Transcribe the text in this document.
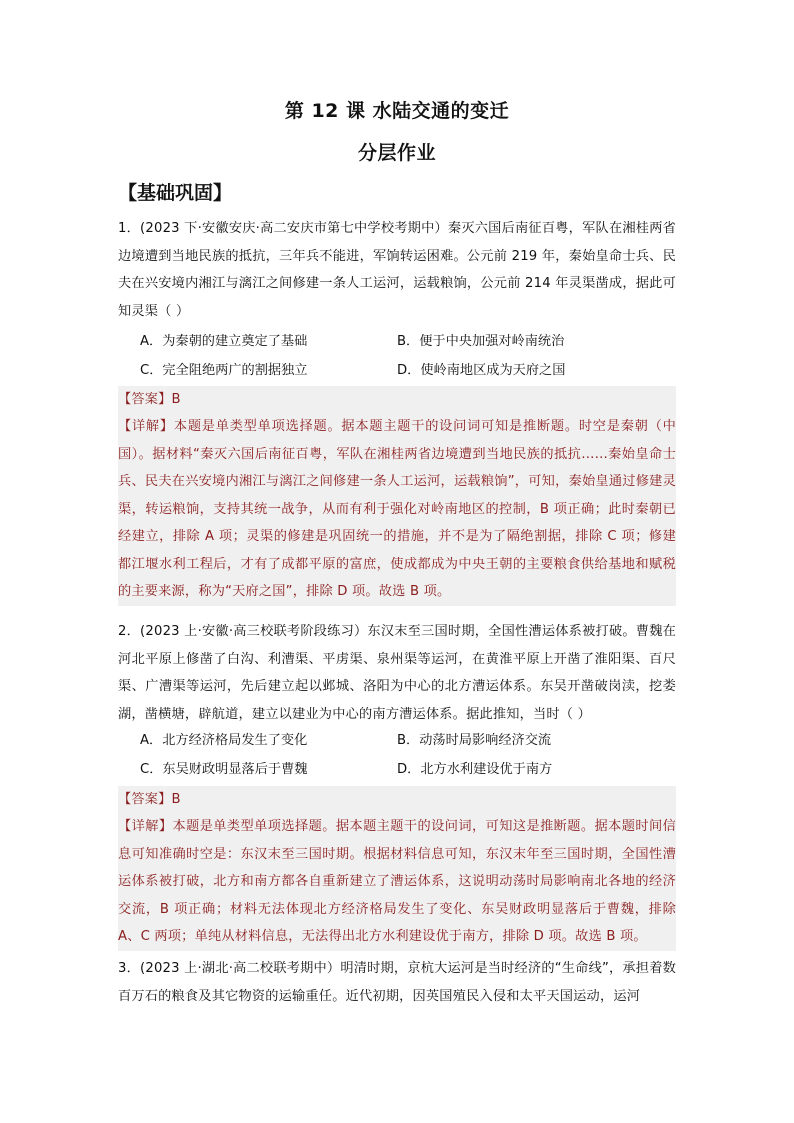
第 12 课 水陆交通的变迁
分层作业
【基础巩固】
1．(2023 下·安徽安庆·高二安庆市第七中学校考期中）秦灭六国后南征百粤，军队在湘桂两省边境遭到当地民族的抵抗，三年兵不能进，军饷转运困难。公元前 219 年，秦始皇命士兵、民夫在兴安境内湘江与漓江之间修建一条人工运河，运载粮饷，公元前 214 年灵渠凿成，据此可知灵渠（ ）
A．为秦朝的建立奠定了基础	B．便于中央加强对岭南统治
C．完全阻绝两广的割据独立	D．使岭南地区成为天府之国

【答案】B

【详解】本题是单类型单项选择题。据本题主题干的设问词可知是推断题。时空是秦朝（中国）。据材料“秦灭六国后南征百粤，军队在湘桂两省边境遭到当地民族的抵抗……秦始皇命士兵、民夫在兴安境内湘江与漓江之间修建一条人工运河，运载粮饷”，可知，秦始皇通过修建灵渠，转运粮饷，支持其统一战争，从而有利于强化对岭南地区的控制，B 项正确；此时秦朝已经建立，排除 A 项；灵渠的修建是巩固统一的措施，并不是为了隔绝割据，排除 C 项；修建都江堰水利工程后，才有了成都平原的富庶，使成都成为中央王朝的主要粮食供给基地和赋税的主要来源，称为“天府之国”，排除 D 项。故选 B 项。

2．(2023 上·安徽·高三校联考阶段练习）东汉末至三国时期，全国性漕运体系被打破。曹魏在河北平原上修凿了白沟、利漕渠、平虏渠、泉州渠等运河，在黄淮平原上开凿了淮阳渠、百尺渠、广漕渠等运河，先后建立起以邺城、洛阳为中心的北方漕运体系。东吴开凿破岗渎，挖娄湖，凿横塘，辟航道，建立以建业为中心的南方漕运体系。据此推知，当时（ ）
A．北方经济格局发生了变化	B．动荡时局影响经济交流
C．东吴财政明显落后于曹魏	D．北方水利建设优于南方

【答案】B

【详解】本题是单类型单项选择题。据本题主题干的设问词，可知这是推断题。据本题时间信息可知准确时空是：东汉末至三国时期。根据材料信息可知，东汉末年至三国时期，全国性漕运体系被打破，北方和南方都各自重新建立了漕运体系，这说明动荡时局影响南北各地的经济交流，B 项正确；材料无法体现北方经济格局发生了变化、东吴财政明显落后于曹魏，排除 A、C 两项；单纯从材料信息，无法得出北方水利建设优于南方，排除 D 项。故选 B 项。

3．(2023 上·湖北·高二校联考期中）明清时期，京杭大运河是当时经济的“生命线”，承担着数百万石的粮食及其它物资的运输重任。近代初期，因英国殖民入侵和太平天国运动，运河
